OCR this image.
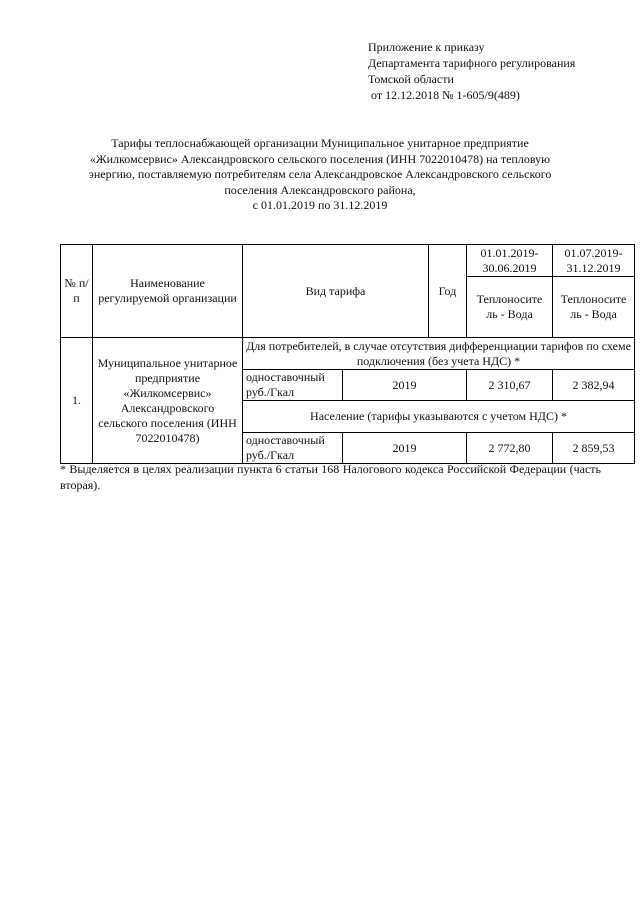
Приложение к приказу
Департамента тарифного регулирования
Томской области
от 12.12.2018 № 1-605/9(489)
Тарифы теплоснабжающей организации Муниципальное унитарное предприятие
«Жилкомсервис» Александровского сельского поселения (ИНН 7022010478) на тепловую
энергию, поставляемую потребителям села Александровское Александровского сельского
поселения Александровского района,
с 01.01.2019 по 31.12.2019
№ п/п	Наименование регулируемой организации	Вид тарифа		Год	01.01.2019-30.06.2019	01.07.2019-31.12.2019
					Теплоносите ль - Вода	Теплоносите ль - Вода
1.	Муниципальное унитарное предприятие «Жилкомсервис» Александровского сельского поселения (ИНН 7022010478)	Для потребителей, в случае отсутствия дифференциации тарифов по схеме подключения (без учета НДС) *				
		одноставочный руб./Гкал	2019		2 310,67	2 382,94
		Население (тарифы указываются с учетом НДС) *				
		одноставочный руб./Гкал	2019		2 772,80	2 859,53
* Выделяется в целях реализации пункта 6 статьи 168 Налогового кодекса Российской Федерации (часть вторая).
